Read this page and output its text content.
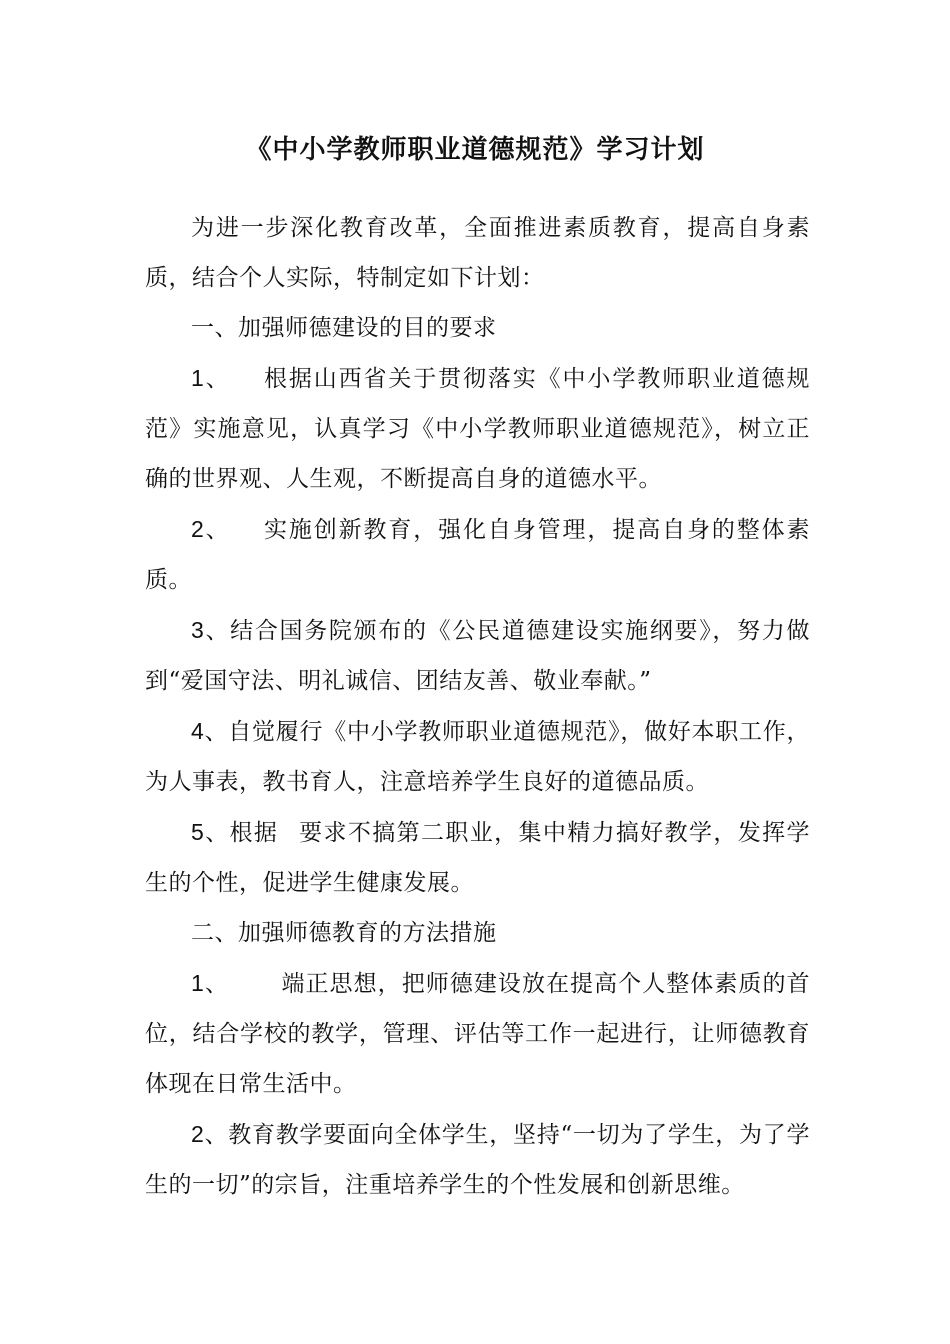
《中小学教师职业道德规范》学习计划

为进一步深化教育改革，全面推进素质教育，提高自身素质，结合个人实际，特制定如下计划：

一、加强师德建设的目的要求

1、 根据山西省关于贯彻落实《中小学教师职业道德规范》实施意见，认真学习《中小学教师职业道德规范》，树立正确的世界观、人生观，不断提高自身的道德水平。

2、 实施创新教育，强化自身管理，提高自身的整体素质。

3、结合国务院颁布的《公民道德建设实施纲要》，努力做到“爱国守法、明礼诚信、团结友善、敬业奉献。”

4、自觉履行《中小学教师职业道德规范》，做好本职工作，为人事表，教书育人，注意培养学生良好的道德品质。

5、根据 要求不搞第二职业，集中精力搞好教学，发挥学生的个性，促进学生健康发展。

二、加强师德教育的方法措施

1、 端正思想，把师德建设放在提高个人整体素质的首位，结合学校的教学，管理、评估等工作一起进行，让师德教育体现在日常生活中。

2、教育教学要面向全体学生，坚持“一切为了学生，为了学生的一切”的宗旨，注重培养学生的个性发展和创新思维。
